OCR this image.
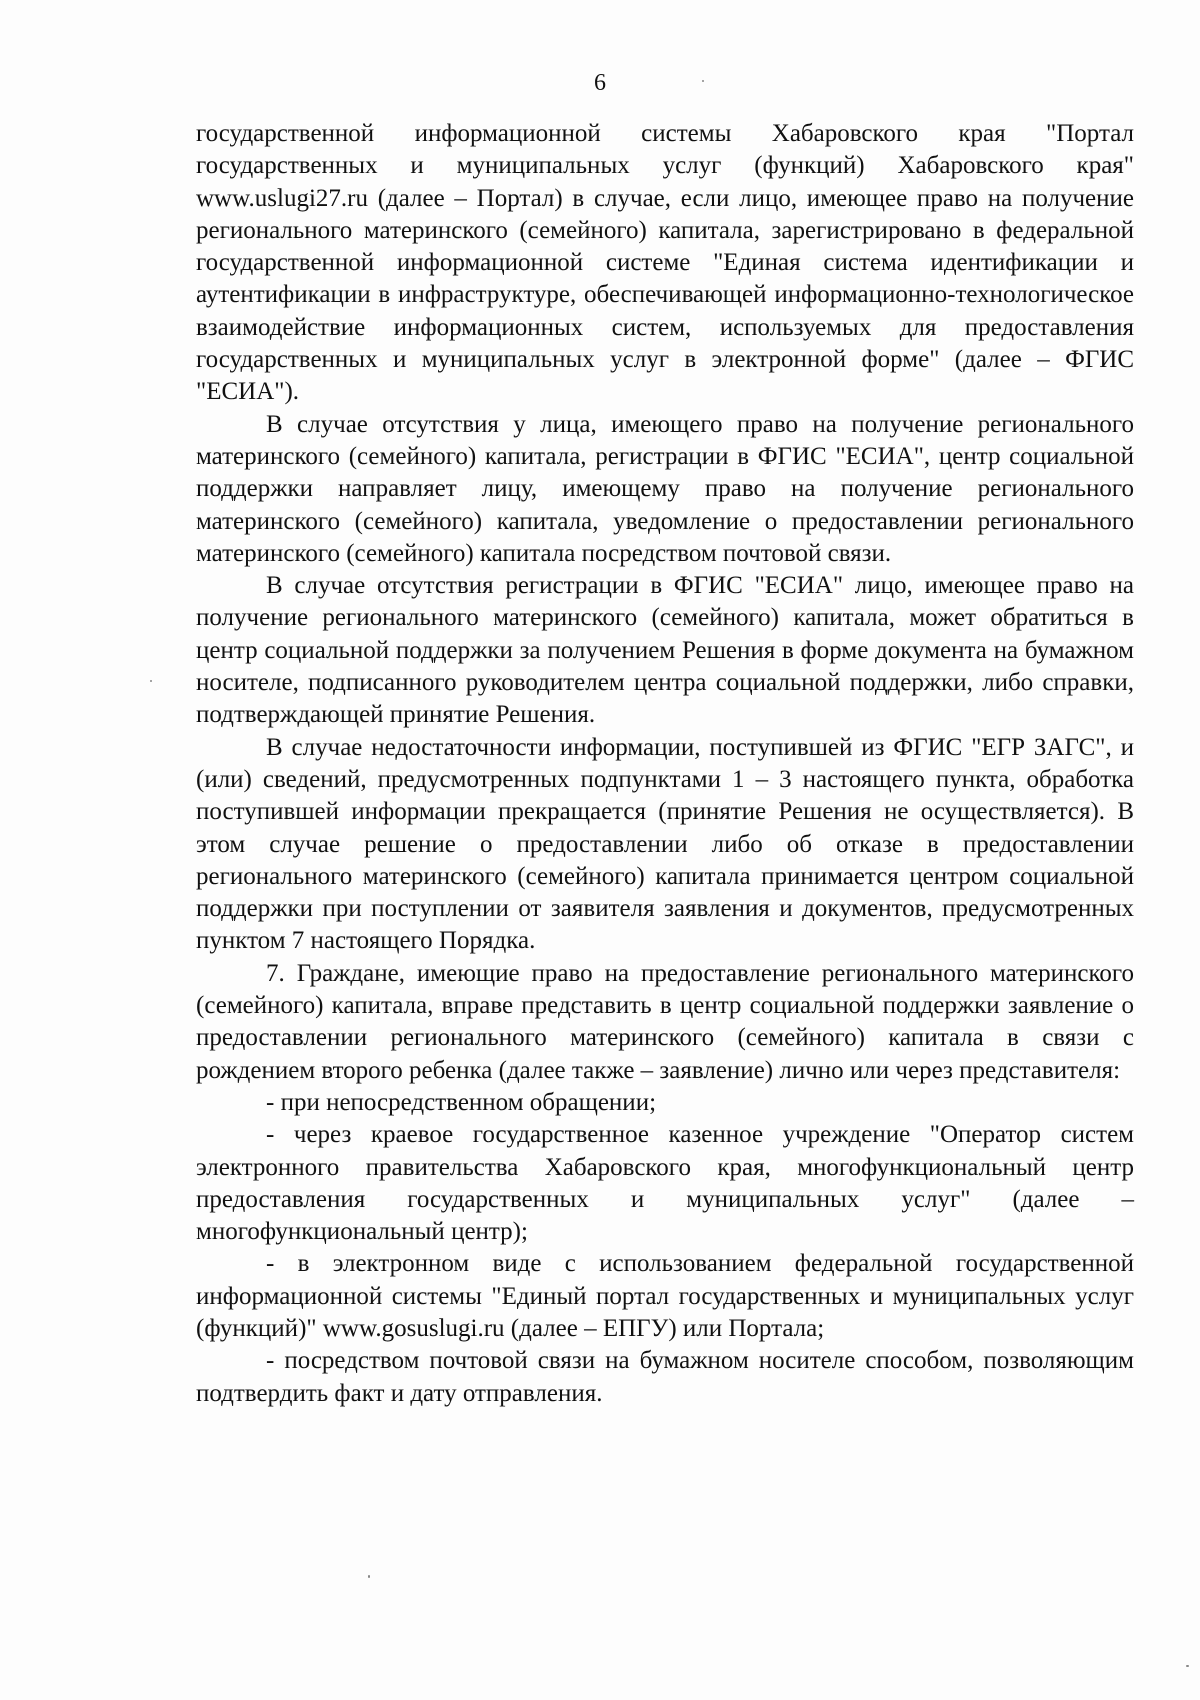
6

государственной информационной системы Хабаровского края "Портал государственных и муниципальных услуг (функций) Хабаровского края" www.uslugi27.ru (далее – Портал) в случае, если лицо, имеющее право на получение регионального материнского (семейного) капитала, зарегистрировано в федеральной государственной информационной системе "Единая система идентификации и аутентификации в инфраструктуре, обеспечивающей информационно-технологическое взаимодействие информационных систем, используемых для предоставления государственных и муниципальных услуг в электронной форме" (далее – ФГИС "ЕСИА").

В случае отсутствия у лица, имеющего право на получение регионального материнского (семейного) капитала, регистрации в ФГИС "ЕСИА", центр социальной поддержки направляет лицу, имеющему право на получение регионального материнского (семейного) капитала, уведомление о предоставлении регионального материнского (семейного) капитала посредством почтовой связи.

В случае отсутствия регистрации в ФГИС "ЕСИА" лицо, имеющее право на получение регионального материнского (семейного) капитала, может обратиться в центр социальной поддержки за получением Решения в форме документа на бумажном носителе, подписанного руководителем центра социальной поддержки, либо справки, подтверждающей принятие Решения.

В случае недостаточности информации, поступившей из ФГИС "ЕГР ЗАГС", и (или) сведений, предусмотренных подпунктами 1 – 3 настоящего пункта, обработка поступившей информации прекращается (принятие Решения не осуществляется). В этом случае решение о предоставлении либо об отказе в предоставлении регионального материнского (семейного) капитала принимается центром социальной поддержки при поступлении от заявителя заявления и документов, предусмотренных пунктом 7 настоящего Порядка.

7. Граждане, имеющие право на предоставление регионального материнского (семейного) капитала, вправе представить в центр социальной поддержки заявление о предоставлении регионального материнского (семейного) капитала в связи с рождением второго ребенка (далее также – заявление) лично или через представителя:

- при непосредственном обращении;

- через краевое государственное казенное учреждение "Оператор систем электронного правительства Хабаровского края, многофункциональный центр предоставления государственных и муниципальных услуг" (далее – многофункциональный центр);

- в электронном виде с использованием федеральной государственной информационной системы "Единый портал государственных и муниципальных услуг (функций)" www.gosuslugi.ru (далее – ЕПГУ) или Портала;

- посредством почтовой связи на бумажном носителе способом, позволяющим подтвердить факт и дату отправления.
